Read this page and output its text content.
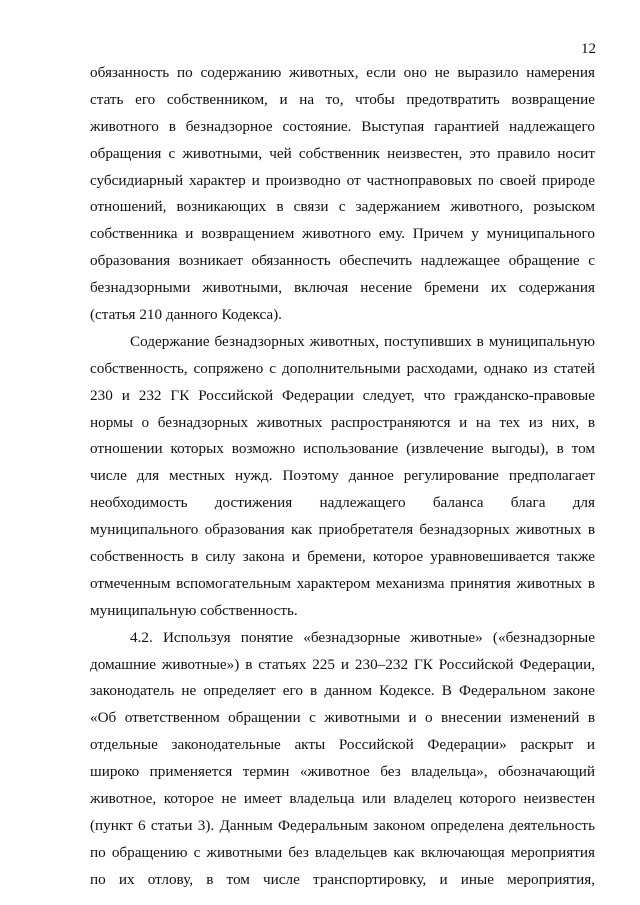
12
обязанность по содержанию животных, если оно не выразило намерения
стать его собственником, и на то, чтобы предотвратить возвращение
животного в безнадзорное состояние. Выступая гарантией надлежащего
обращения с животными, чей собственник неизвестен, это правило носит
субсидиарный характер и производно от частноправовых по своей природе
отношений, возникающих в связи с задержанием животного, розыском
собственника и возвращением животного ему. Причем у муниципального
образования возникает обязанность обеспечить надлежащее обращение с
безнадзорными животными, включая несение бремени их содержания
(статья 210 данного Кодекса).
Содержание безнадзорных животных, поступивших в муниципальную
собственность, сопряжено с дополнительными расходами, однако из статей
230 и 232 ГК Российской Федерации следует, что гражданско-правовые
нормы о безнадзорных животных распространяются и на тех из них, в
отношении которых возможно использование (извлечение выгоды), в том
числе для местных нужд. Поэтому данное регулирование предполагает
необходимость достижения надлежащего баланса блага для
муниципального образования как приобретателя безнадзорных животных в
собственность в силу закона и бремени, которое уравновешивается также
отмеченным вспомогательным характером механизма принятия животных в
муниципальную собственность.
4.2. Используя понятие «безнадзорные животные» («безнадзорные
домашние животные») в статьях 225 и 230–232 ГК Российской Федерации,
законодатель не определяет его в данном Кодексе. В Федеральном законе
«Об ответственном обращении с животными и о внесении изменений в
отдельные законодательные акты Российской Федерации» раскрыт и
широко применяется термин «животное без владельца», обозначающий
животное, которое не имеет владельца или владелец которого неизвестен
(пункт 6 статьи 3). Данным Федеральным законом определена деятельность
по обращению с животными без владельцев как включающая мероприятия
по их отлову, в том числе транспортировку, и иные мероприятия,
